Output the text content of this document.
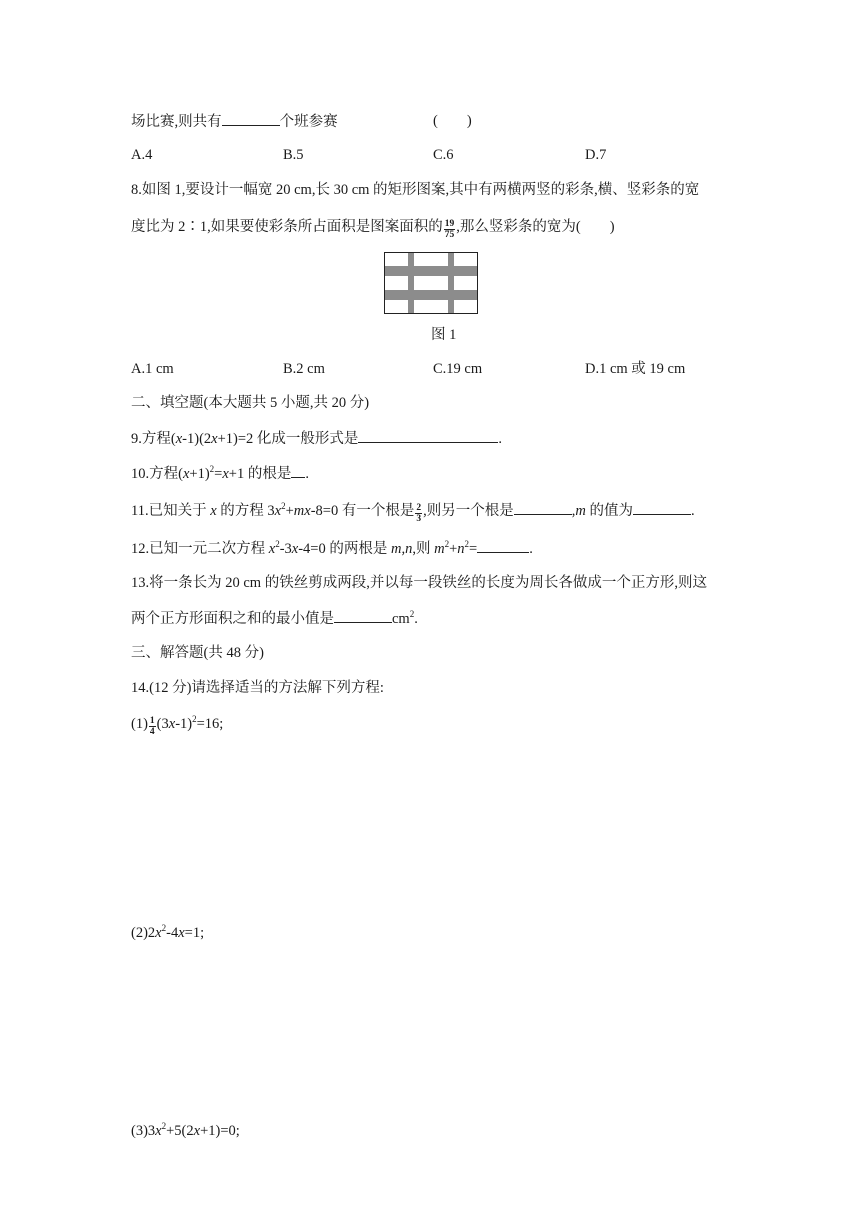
场比赛,则共有	个班参赛	(　　)
A.4	B.5	C.6	D.7
8.如图 1,要设计一幅宽 20 cm,长 30 cm 的矩形图案,其中有两横两竖的彩条,横、竖彩条的宽
度比为 2∶1,如果要使彩条所占面积是图案面积的 $\frac{19}{75}$ ,那么竖彩条的宽为(　　)
图 1
A.1 cm	B.2 cm	C.19 cm	D.1 cm 或 19 cm
二、填空题(本大题共 5 小题,共 20 分)
9.方程(x-1)(2x+1)=2 化成一般形式是	.
10.方程$(x+1)^2=x+1$ 的根是 .
11.已知关于 x 的方程 $3x^2+mx-8=0$ 有一个根是 $\frac{2}{3}$ ,则另一个根是	,m 的值为	.
12.已知一元二次方程 $x^2-3x-4=0$ 的两根是 m,n,则 $m^2+n^2=$	.
13.将一条长为 20 cm 的铁丝剪成两段,并以每一段铁丝的长度为周长各做成一个正方形,则这
两个正方形面积之和的最小值是	$cm^2$.
三、解答题(共 48 分)
14.(12 分)请选择适当的方法解下列方程:
$(1) \frac{1}{4} (3x-1)^2=16$;
$(2)2x^2-4x=1$;
$(3)3x^2+5(2x+1)=0$;
